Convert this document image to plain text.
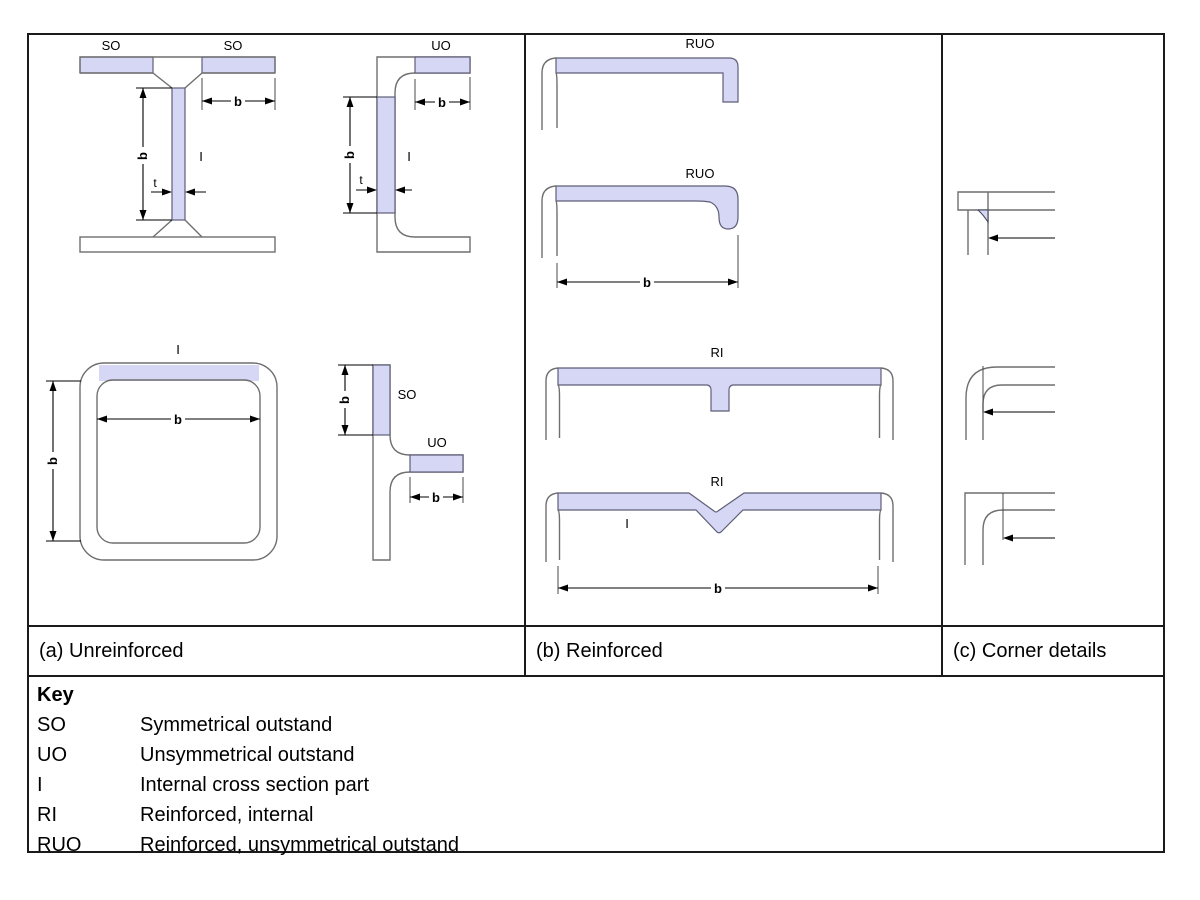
(a) Unreinforced	(b) Reinforced	(c) Corner details
Key
SO	Symmetrical outstand
UO	Unsymmetrical outstand
I	Internal cross section part
RI	Reinforced, internal
RUO	Reinforced, unsymmetrical outstand
SO	SO
I
b
b
t
UO
I
b
b
t
I
b
b
SO
UO
b
b
RUO
RUO
b
RI
RI
I
b
